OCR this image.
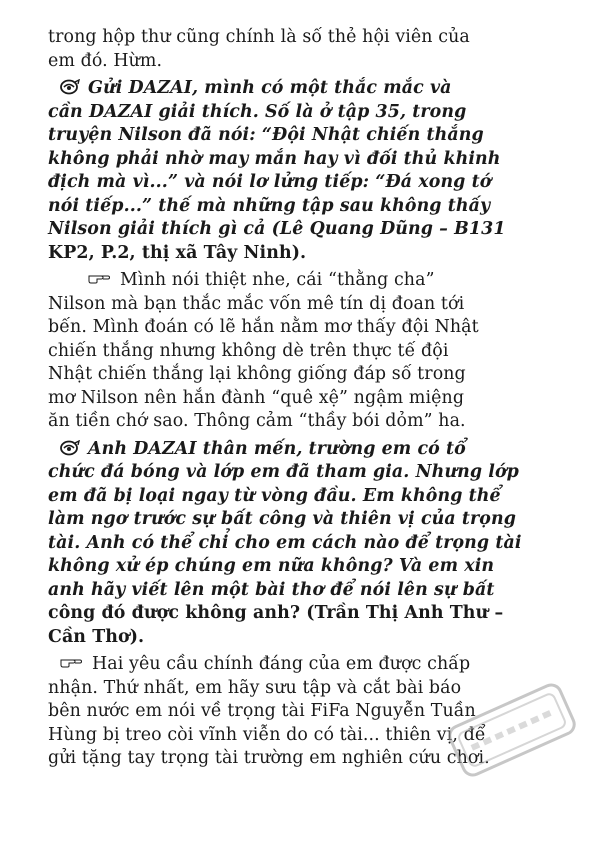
trong hộp thư cũng chính là số thẻ hội viên của
em đó. Hừm.
Gửi DAZAI, mình có một thắc mắc và
cần DAZAI giải thích. Số là ở tập 35, trong
truyện Nilson đã nói: “Đội Nhật chiến thắng
không phải nhờ may mắn hay vì đối thủ khinh
địch mà vì...” và nói lơ lửng tiếp: “Đá xong tớ
nói tiếp...” thế mà những tập sau không thấy
Nilson giải thích gì cả (Lê Quang Dũng – B131
KP2, P.2, thị xã Tây Ninh).
Mình nói thiệt nhe, cái “thằng cha”
Nilson mà bạn thắc mắc vốn mê tín dị đoan tới
bến. Mình đoán có lẽ hắn nằm mơ thấy đội Nhật
chiến thắng nhưng không dè trên thực tế đội
Nhật chiến thắng lại không giống đáp số trong
mơ Nilson nên hắn đành “quê xệ” ngậm miệng
ăn tiền chớ sao. Thông cảm “thầy bói dỏm” ha.
Anh DAZAI thân mến, trường em có tổ
chức đá bóng và lớp em đã tham gia. Nhưng lớp
em đã bị loại ngay từ vòng đầu. Em không thể
làm ngơ trước sự bất công và thiên vị của trọng
tài. Anh có thể chỉ cho em cách nào để trọng tài
không xử ép chúng em nữa không? Và em xin
anh hãy viết lên một bài thơ để nói lên sự bất
công đó được không anh? (Trần Thị Anh Thư –
Cần Thơ).
Hai yêu cầu chính đáng của em được chấp
nhận. Thứ nhất, em hãy sưu tập và cắt bài báo
bên nước em nói về trọng tài FiFa Nguyễn Tuần
Hùng bị treo còi vĩnh viễn do có tài... thiên vị, để
gửi tặng tay trọng tài trường em nghiên cứu chơi.
